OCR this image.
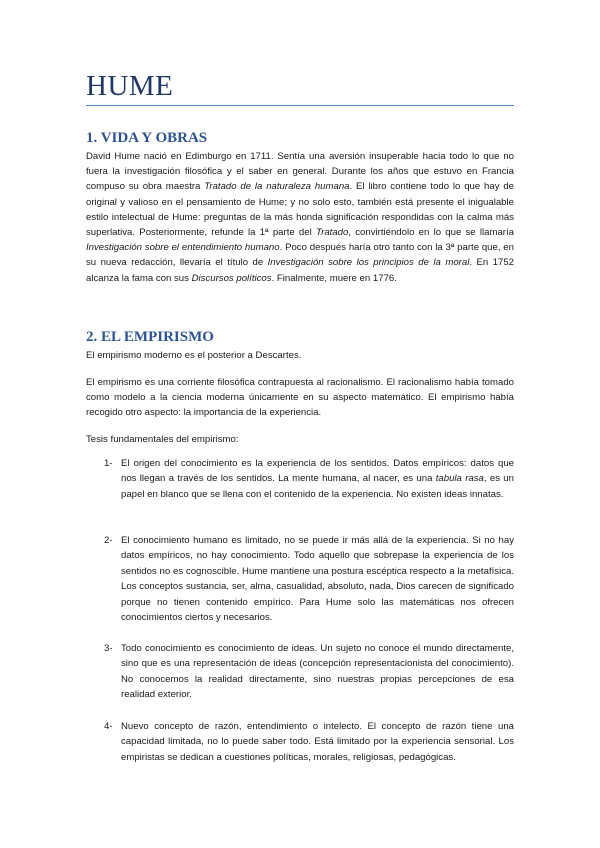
HUME
1. VIDA Y OBRAS

David Hume nació en Edimburgo en 1711. Sentía una aversión insuperable hacia todo lo que no fuera la investigación filosófica y el saber en general. Durante los años que estuvo en Francia compuso su obra maestra Tratado de la naturaleza humana. El libro contiene todo lo que hay de original y valioso en el pensamiento de Hume; y no solo esto, también está presente el inigualable estilo intelectual de Hume: preguntas de la más honda significación respondidas con la calma más superlativa. Posteriormente, refunde la 1ª parte del Tratado, convirtiéndolo en lo que se llamaría Investigación sobre el entendimiento humano. Poco después haría otro tanto con la 3ª parte que, en su nueva redacción, llevaría el título de Investigación sobre los principios de la moral. En 1752 alcanza la fama con sus Discursos políticos. Finalmente, muere en 1776.

2. EL EMPIRISMO

El empirismo moderno es el posterior a Descartes.

El empirismo es una corriente filosófica contrapuesta al racionalismo. El racionalismo había tomado como modelo a la ciencia moderna únicamente en su aspecto matemático. El empirismo había recogido otro aspecto: la importancia de la experiencia.

Tesis fundamentales del empirismo:

1- El origen del conocimiento es la experiencia de los sentidos. Datos empíricos: datos que nos llegan a través de los sentidos. La mente humana, al nacer, es una tabula rasa, es un papel en blanco que se llena con el contenido de la experiencia. No existen ideas innatas.

2- El conocimiento humano es limitado, no se puede ir más allá de la experiencia. Si no hay datos empíricos, no hay conocimiento. Todo aquello que sobrepase la experiencia de los sentidos no es cognoscible. Hume mantiene una postura escéptica respecto a la metafísica. Los conceptos sustancia, ser, alma, casualidad, absoluto, nada, Dios carecen de significado porque no tienen contenido empírico. Para Hume solo las matemáticas nos ofrecen conocimientos ciertos y necesarios.

3- Todo conocimiento es conocimiento de ideas. Un sujeto no conoce el mundo directamente, sino que es una representación de ideas (concepción representacionista del conocimiento). No conocemos la realidad directamente, sino nuestras propias percepciones de esa realidad exterior.

4- Nuevo concepto de razón, entendimiento o intelecto. El concepto de razón tiene una capacidad limitada, no lo puede saber todo. Está limitado por la experiencia sensorial. Los empiristas se dedican a cuestiones políticas, morales, religiosas, pedagógicas.
